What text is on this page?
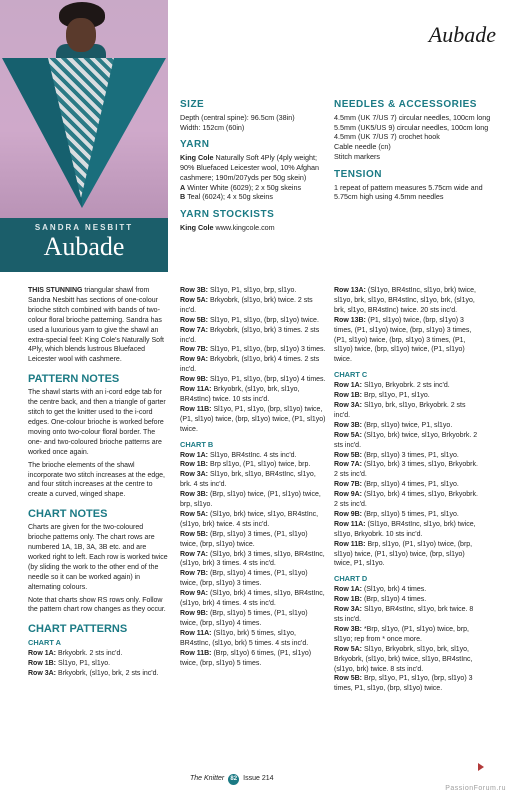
SANDRA NESBITT
Aubade
Aubade
SIZE

Depth (central spine): 96.5cm (38in)

Width: 152cm (60in)

YARN

King Cole Naturally Soft 4Ply (4ply weight; 90% Bluefaced Leicester wool, 10% Afghan cashmere; 190m/207yds per 50g skein)

A Winter White (6029); 2 x 50g skeins

B Teal (6024); 4 x 50g skeins

YARN STOCKISTS

King Cole www.kingcole.com

NEEDLES & ACCESSORIES

4.5mm (UK 7/US 7) circular needles, 100cm long

5.5mm (UK5/US 9) circular needles, 100cm long

4.5mm (UK 7/US 7) crochet hook

Cable needle (cn)

Stitch markers

TENSION

1 repeat of pattern measures 5.75cm wide and 5.75cm high using 4.5mm needles

THIS STUNNING triangular shawl from Sandra Nesbitt has sections of one-colour brioche stitch combined with bands of two-colour floral brioche patterning. Sandra has used a luxurious yarn to give the shawl an extra-special feel: King Cole's Naturally Soft 4Ply, which blends lustrous Bluefaced Leicester wool with cashmere.

PATTERN NOTES

The shawl starts with an i-cord edge tab for the centre back, and then a triangle of garter stitch to get the knitter used to the i-cord edges. One-colour brioche is worked before moving onto two-colour floral border. The one- and two-coloured brioche patterns are worked once again.

The brioche elements of the shawl incorporate two stitch increases at the edge, and four stitch increases at the centre to create a curved, winged shape.

CHART NOTES

Charts are given for the two-coloured brioche patterns only. The chart rows are numbered 1A, 1B, 3A, 3B etc. and are worked right to left. Each row is worked twice (by sliding the work to the other end of the needle so it can be worked again) in alternating colours.

Note that charts show RS rows only. Follow the pattern chart row changes as they occur.

CHART PATTERNS
CHART A

Row 1A: Brkyobrk. 2 sts inc'd.

Row 1B: Sl1yo, P1, sl1yo.

Row 3A: Brkyobrk, (sl1yo, brk, 2 sts inc'd.

Row 3B: Sl1yo, P1, sl1yo, brp, sl1yo.

Row 5A: Brkyobrk, (sl1yo, brk) twice. 2 sts inc'd.

Row 5B: Sl1yo, P1, sl1yo, (brp, sl1yo) twice.

Row 7A: Brkyobrk, (sl1yo, brk) 3 times. 2 sts inc'd.

Row 7B: Sl1yo, P1, sl1yo, (brp, sl1yo) 3 times.

Row 9A: Brkyobrk, (sl1yo, brk) 4 times. 2 sts inc'd.

Row 9B: Sl1yo, P1, sl1yo, (brp, sl1yo) 4 times.

Row 11A: Brkyobrk, (sl1yo, brk, sl1yo, BR4stInc) twice. 10 sts inc'd.

Row 11B: Sl1yo, P1, sl1yo, (brp, sl1yo) twice, (P1, sl1yo) twice, (brp, sl1yo) twice, (P1, sl1yo) twice.

CHART B

Row 1A: Sl1yo, BR4stInc. 4 sts inc'd.

Row 1B: Brp sl1yo, (P1, sl1yo) twice, brp.

Row 3A: Sl1yo, brk, sl1yo, BR4stInc, sl1yo, brk. 4 sts inc'd.

Row 3B: (Brp, sl1yo) twice, (P1, sl1yo) twice, brp, sl1yo.

Row 5A: (Sl1yo, brk) twice, sl1yo, BR4stInc, (sl1yo, brk) twice. 4 sts inc'd.

Row 5B: (Brp, sl1yo) 3 times, (P1, sl1yo) twice, (brp, sl1yo) twice.

Row 7A: (Sl1yo, brk) 3 times, sl1yo, BR4stInc, (sl1yo, brk) 3 times. 4 sts inc'd.

Row 7B: (Brp, sl1yo) 4 times, (P1, sl1yo) twice, (brp, sl1yo) 3 times.

Row 9A: (Sl1yo, brk) 4 times, sl1yo, BR4stInc, (sl1yo, brk) 4 times. 4 sts inc'd.

Row 9B: (Brp, sl1yo) 5 times, (P1, sl1yo) twice, (brp, sl1yo) 4 times.

Row 11A: (Sl1yo, brk) 5 times, sl1yo, BR4stInc, (sl1yo, brk) 5 times. 4 sts inc'd.

Row 11B: (Brp, sl1yo) 6 times, (P1, sl1yo) twice, (brp, sl1yo) 5 times.

Row 13A: (Sl1yo, BR4stInc, sl1yo, brk) twice, sl1yo, brk, sl1yo, BR4stInc, sl1yo, brk, (sl1yo, brk, sl1yo, BR4stInc) twice. 20 sts inc'd.

Row 13B: (P1, sl1yo) twice, (brp, sl1yo) 3 times, (P1, sl1yo) twice, (brp, sl1yo) 3 times, (P1, sl1yo) twice, (brp, sl1yo) 3 times, (P1, sl1yo) twice, (brp, sl1yo) twice, (P1, sl1yo) twice.

CHART C

Row 1A: Sl1yo, Brkyobrk. 2 sts inc'd.

Row 1B: Brp, sl1yo, P1, sl1yo.

Row 3A: Sl1yo, brk, sl1yo, Brkyobrk. 2 sts inc'd.

Row 3B: (Brp, sl1yo) twice, P1, sl1yo.

Row 5A: (Sl1yo, brk) twice, sl1yo, Brkyobrk. 2 sts inc'd.

Row 5B: (Brp, sl1yo) 3 times, P1, sl1yo.

Row 7A: (Sl1yo, brk) 3 times, sl1yo, Brkyobrk. 2 sts inc'd.

Row 7B: (Brp, sl1yo) 4 times, P1, sl1yo.

Row 9A: (Sl1yo, brk) 4 times, sl1yo, Brkyobrk. 2 sts inc'd.

Row 9B: (Brp, sl1yo) 5 times, P1, sl1yo.

Row 11A: (Sl1yo, BR4stInc, sl1yo, brk) twice, sl1yo, Brkyobrk. 10 sts inc'd.

Row 11B: Brp, sl1yo, (P1, sl1yo) twice, (brp, sl1yo) twice, (P1, sl1yo) twice, (brp, sl1yo) twice, P1, sl1yo.

CHART D

Row 1A: (Sl1yo, brk) 4 times.

Row 1B: (Brp, sl1yo) 4 times.

Row 3A: Sl1yo, BR4stInc, sl1yo, brk twice. 8 sts inc'd.

Row 3B: *Brp, sl1yo, (P1, sl1yo) twice, brp, sl1yo; rep from * once more.

Row 5A: Sl1yo, Brkyobrk, sl1yo, brk, sl1yo, Brkyobrk, (sl1yo, brk) twice, sl1yo, BR4stInc, (sl1yo, brk) twice. 8 sts inc'd.

Row 5B: Brp, sl1yo, P1, sl1yo, (brp, sl1yo) 3 times, P1, sl1yo, (brp, sl1yo) twice.

The Knitter 82 Issue 214
PassionForum.ru
